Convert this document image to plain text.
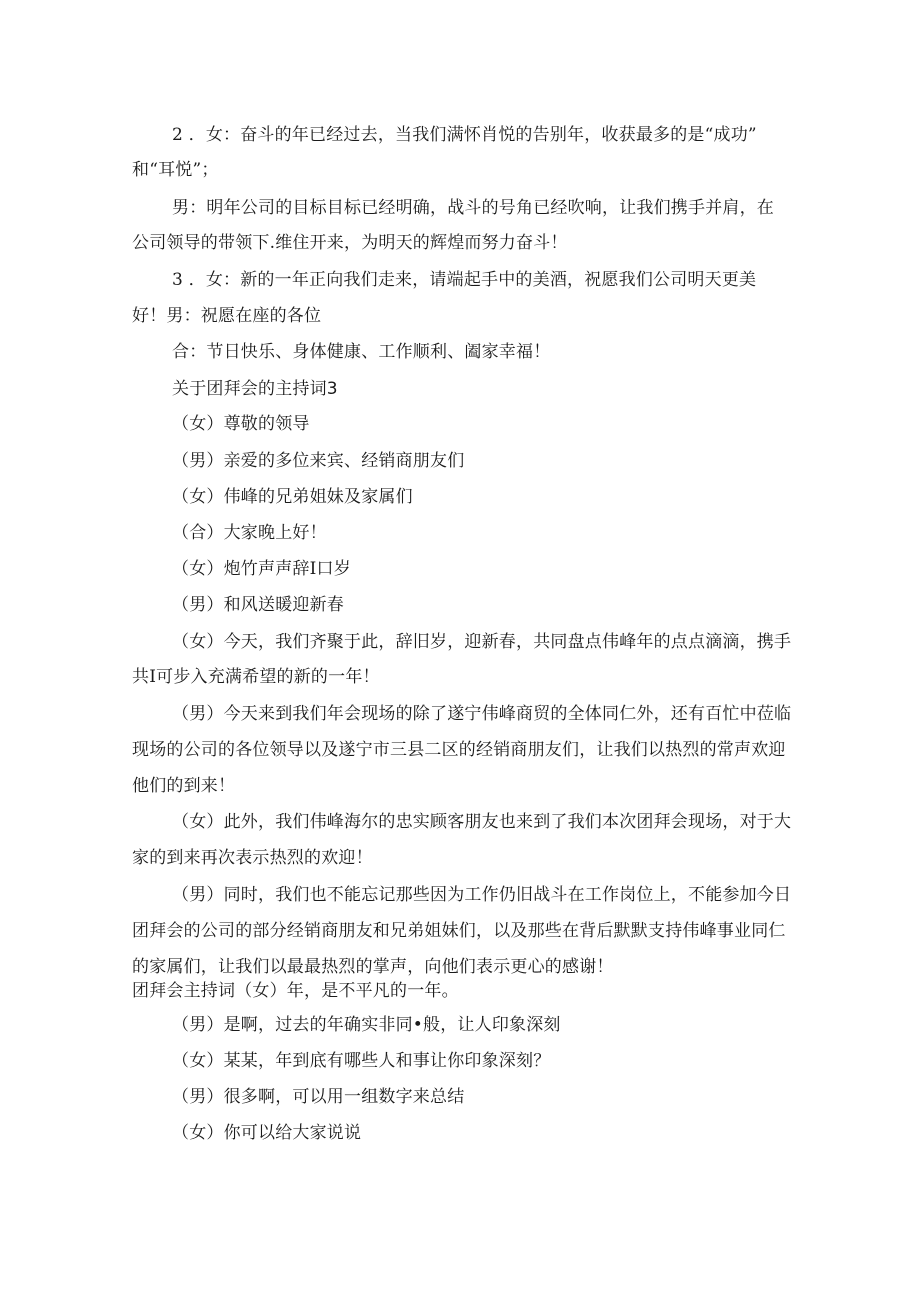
2 ．女：奋斗的年已经过去，当我们满怀肖悦的告别年，收获最多的是“成功”
和“耳悦”；
男：明年公司的目标目标已经明确，战斗的号角已经吹响，让我们携手并肩，在
公司领导的带领下.维住开来，为明天的辉煌而努力奋斗！
3 ．女：新的一年正向我们走来，请端起手中的美酒，祝愿我们公司明天更美
好！男：祝愿在座的各位
合：节日快乐、身体健康、工作顺利、阖家幸福！
关于团拜会的主持词3
（女）尊敬的领导
（男）亲爱的多位来宾、经销商朋友们
（女）伟峰的兄弟姐妹及家属们
（合）大家晚上好！
（女）炮竹声声辞I口岁
（男）和风送暖迎新春
（女）今天，我们齐聚于此，辞旧岁，迎新春，共同盘点伟峰年的点点滴滴，携手
共I可步入充满希望的新的一年！
（男）今天来到我们年会现场的除了遂宁伟峰商贸的全体同仁外，还有百忙中莅临
现场的公司的各位领导以及遂宁市三县二区的经销商朋友们，让我们以热烈的常声欢迎
他们的到来！
（女）此外，我们伟峰海尔的忠实顾客朋友也来到了我们本次团拜会现场，对于大
家的到来再次表示热烈的欢迎！
（男）同时，我们也不能忘记那些因为工作仍旧战斗在工作岗位上，不能参加今日
团拜会的公司的部分经销商朋友和兄弟姐妹们，以及那些在背后默默支持伟峰事业同仁
的家属们，让我们以最最热烈的掌声，向他们表示更心的感谢！
团拜会主持词（女）年，是不平凡的一年。
（男）是啊，过去的年确实非同•般，让人印象深刻
（女）某某，年到底有哪些人和事让你印象深刻？
（男）很多啊，可以用一组数字来总结
（女）你可以给大家说说
